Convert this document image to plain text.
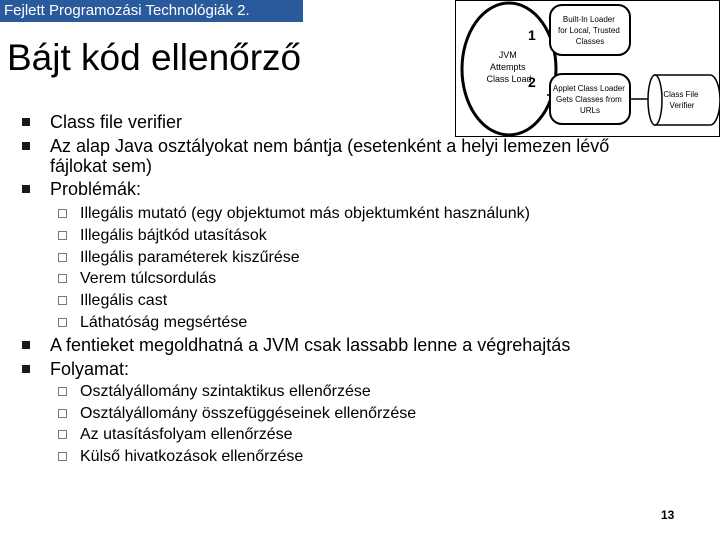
Fejlett Programozási Technológiák 2.
Bájt kód ellenőrző	JVM Attempts Class Load
1
2
Built-In Loader for Local, Trusted Classes
Applet Class Loader Gets Classes from URLs
Class File Verifier
Class file verifier
Az alap Java osztályokat nem bántja (esetenként a helyi lemezen lévő
fájlokat sem)
Problémák:
Illegális mutató (egy objektumot más objektumként használunk)
Illegális bájtkód utasítások
Illegális paraméterek kiszűrése
Verem túlcsordulás
Illegális cast
Láthatóság megsértése
A fentieket megoldhatná a JVM csak lassabb lenne a végrehajtás
Folyamat:
Osztályállomány szintaktikus ellenőrzése
Osztályállomány összefüggéseinek ellenőrzése
Az utasításfolyam ellenőrzése
Külső hivatkozások ellenőrzése
13
